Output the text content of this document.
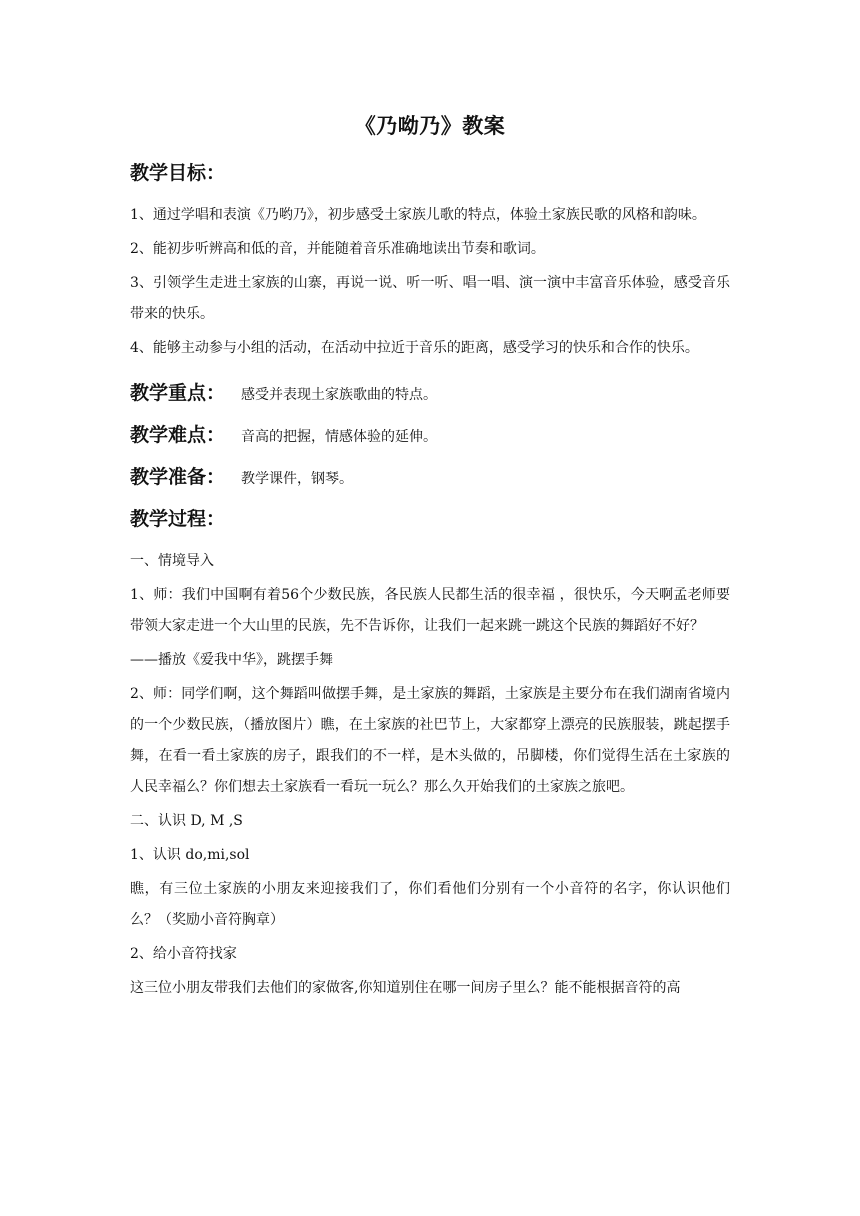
《乃呦乃》教案
教学目标：
1、通过学唱和表演《乃哟乃》，初步感受土家族儿歌的特点，体验土家族民歌的风格和韵味。
2、能初步听辨高和低的音，并能随着音乐准确地读出节奏和歌词。
3、引领学生走进土家族的山寨，再说一说、听一听、唱一唱、演一演中丰富音乐体验，感受音乐带来的快乐。
4、能够主动参与小组的活动，在活动中拉近于音乐的距离，感受学习的快乐和合作的快乐。
教学重点： 感受并表现土家族歌曲的特点。
教学难点： 音高的把握，情感体验的延伸。
教学准备： 教学课件，钢琴。
教学过程：
一、情境导入
1、师：我们中国啊有着56个少数民族，各民族人民都生活的很幸福 ，很快乐，今天啊孟老师要带领大家走进一个大山里的民族，先不告诉你，让我们一起来跳一跳这个民族的舞蹈好不好？
——播放《爱我中华》，跳摆手舞
2、师：同学们啊，这个舞蹈叫做摆手舞，是土家族的舞蹈，土家族是主要分布在我们湖南省境内的一个少数民族，（播放图片）瞧，在土家族的社巴节上，大家都穿上漂亮的民族服装，跳起摆手舞，在看一看土家族的房子，跟我们的不一样，是木头做的，吊脚楼，你们觉得生活在土家族的人民幸福么？你们想去土家族看一看玩一玩么？那么久开始我们的土家族之旅吧。
二、认识 D, M ,S
1、认识 do,mi,sol
瞧，有三位土家族的小朋友来迎接我们了，你们看他们分别有一个小音符的名字，你认识他们么？（奖励小音符胸章）
2、给小音符找家
这三位小朋友带我们去他们的家做客,你知道别住在哪一间房子里么？能不能根据音符的高
